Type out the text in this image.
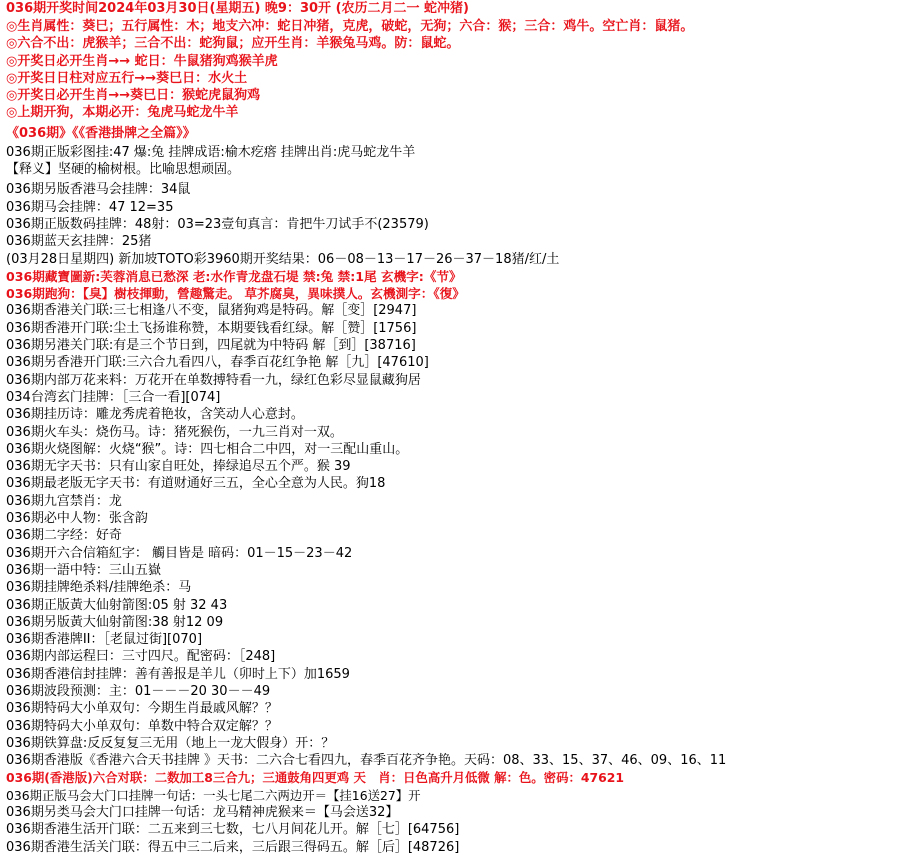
036期开奖时间2024年03月30日(星期五) 晚9：30开 (农历二月二一 蛇冲猪)
◎生肖属性：葵巳；五行属性：木；地支六冲：蛇日冲猪，克虎，破蛇，无狗；六合：猴；三合：鸡牛。空亡肖：鼠猪。
◎六合不出：虎猴羊；三合不出：蛇狗鼠；应开生肖：羊猴兔马鸡。防：鼠蛇。
◎开奖日必开生肖→→ 蛇日：牛鼠猪狗鸡猴羊虎
◎开奖日日柱对应五行→→葵巳日：水火土
◎开奖日必开生肖→→葵巳日：猴蛇虎鼠狗鸡
◎上期开狗，本期必开：兔虎马蛇龙牛羊
《036期》《《香港掛牌之全篇》》
036期正版彩图挂:47 爆:兔 挂牌成语:榆木疙瘩 挂牌出肖:虎马蛇龙牛羊
【释义】坚硬的榆树根。比喻思想顽固。

036期另版香港马会挂牌：34鼠
036期马会挂牌：47 12=35
036期正版数码挂牌：48射：03=23壹旬真言：肯把牛刀试手不(23579)
036期蓝天玄挂牌：25猪
(03月28日星期四) 新加坡TOTO彩3960期开奖结果：06－08－13－17－26－37－18猪/红/土
036期藏寶圖新:芙蓉消息已愁深 老:水作青龙盘石堤 禁:兔 禁:1尾 玄機字:《节》
036期跑狗：【臭】樹枝揮動，營趣驚走。 草芥腐臭，異味撲人。玄機測字：《復》
036期香港关门联:三七相逢八不变，鼠猪狗鸡是特码。解［变］[2947]
036期香港开门联:尘土飞扬谁称赞，本期要钱看红绿。解［赞］[1756]
036期另港关门联:有是三个节日到，四尾就为中特码 解［到］[38716]
036期另香港开门联:三六合九看四八，春季百花红争艳 解［九］[47610]
036期内部万花来料：万花开在单数搏特看一九，绿红色彩尽显鼠藏狗居
034台湾玄门挂牌：［三合一看][074]
036期挂历诗：雕龙秀虎着艳妆，含笑动人心意封。
036期火车头：烧伤马。诗：猪死猴伤，一九三肖对一双。
036期火烧图解：火烧“猴”。诗：四七相合二中四，对一三配山重山。
036期无字天书：只有山家自旺处，捧绿追尽五个严。猴 39
036期最老版无字天书：有道财通好三五，全心全意为人民。狗18
036期九宫禁肖：龙
036期必中人物：张含韵
036期二字经：好奇
036期开六合信箱紅字： 觸目皆是 暗码：01－15－23－42
036期一語中特：三山五嶽
036期挂牌绝杀料/挂牌绝杀：马
036期正版黃大仙射箭图:05 射 32 43
036期另版黃大仙射箭图:38 射12 09
036期香港牌II：［老鼠过街][070]
036期内部运程曰：三寸四尺。配密码：［248]
036期香港信封挂牌：善有善报是羊儿（卯时上下）加1659
036期波段预测：主：01－－－20 30－－49
036期特码大小单双句：今期生肖最戚风解？？
036期特码大小单双句：单数中特合双定解？？
036期铁算盘:反反复复三无用（地上一龙大假身）开：？
036期香港版《香港六合天书挂牌 》天书：二六合七看四九，春季百花齐争艳。天码：08、33、15、37、46、09、16、11
036期(香港版)六合对联：二数加工8三合九；三通鼓角四更鸡 天　肖：日色高升月低微 解：色。密码：47621
036期正版马会大门口挂牌一句话：一头七尾二六两边开＝【挂16送27】开
036期另类马会大门口挂牌一句话：龙马精神虎猴来＝【马会送32】
036期香港生活开门联：二五来到三七数，七八月间花儿开。解［七］[64756]
036期香港生活关门联：得五中三二后来，三后跟三得码五。解［后］[48726]
